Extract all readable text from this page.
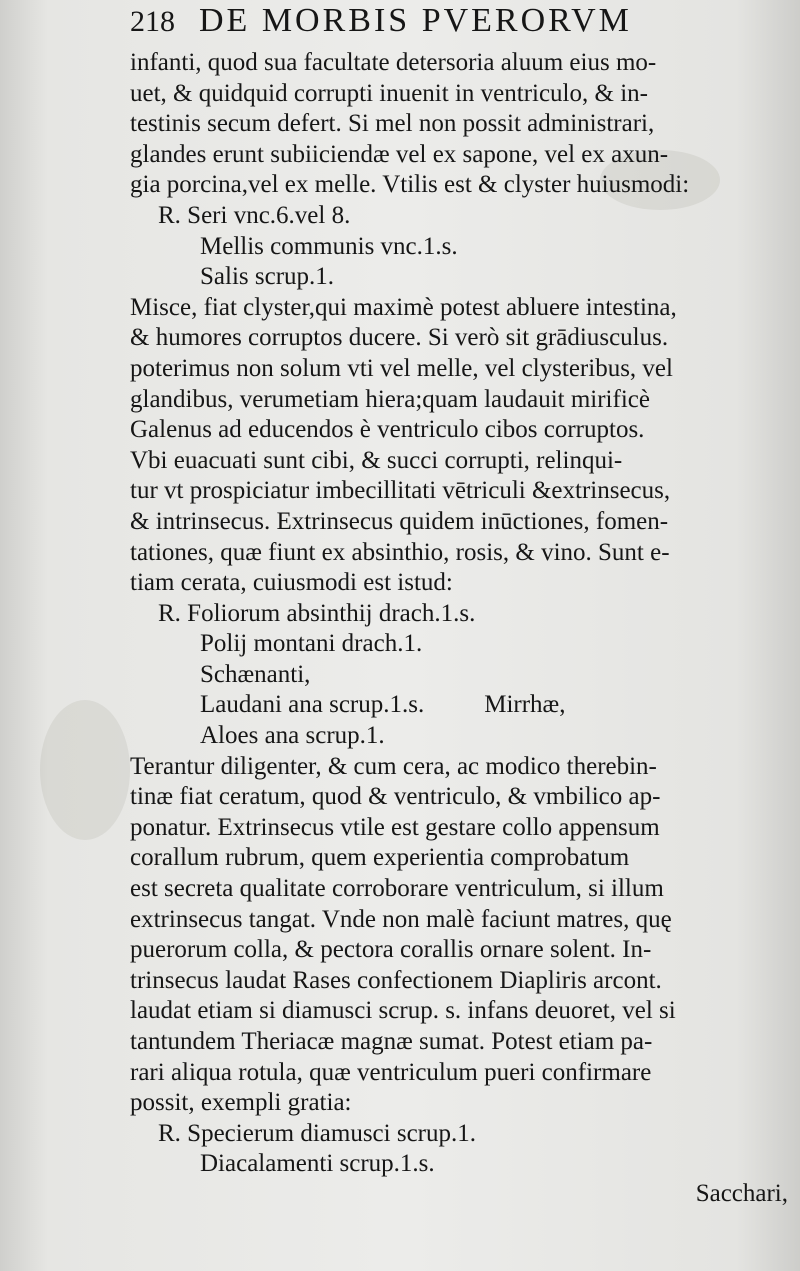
218 DE MORBIS PVERORVM
infanti, quod sua facultate detersoria aluum eius mo-
uet, & quidquid corrupti inuenit in ventriculo, & in-
testinis secum defert. Si mel non possit administrari,
glandes erunt subiiciendæ vel ex sapone, vel ex axun-
gia porcina,vel ex melle. Vtilis est & clyster huiusmodi:
R. Seri vnc.6.vel 8.
Mellis communis vnc.1.s.
Salis scrup.1.
Misce, fiat clyster,qui maximè potest abluere intestina,
& humores corruptos ducere. Si verò sit grādiusculus.
poterimus non solum vti vel melle, vel clysteribus, vel
glandibus, verumetiam hiera;quam laudauit mirificè
Galenus ad educendos è ventriculo cibos corruptos.
Vbi euacuati sunt cibi, & succi corrupti, relinqui-
tur vt prospiciatur imbecillitati vētriculi &extrinsecus,
& intrinsecus. Extrinsecus quidem inūctiones, fomen-
tationes, quæ fiunt ex absinthio, rosis, & vino. Sunt e-
tiam cerata, cuiusmodi est istud:
R. Foliorum absinthij drach.1.s.
Polij montani drach.1.
Schænanti,
Laudani ana scrup.1.s. Mirrhæ,
Aloes ana scrup.1.
Terantur diligenter, & cum cera, ac modico therebin-
tinæ fiat ceratum, quod & ventriculo, & vmbilico ap-
ponatur. Extrinsecus vtile est gestare collo appensum
corallum rubrum, quem experientia comprobatum
est secreta qualitate corroborare ventriculum, si illum
extrinsecus tangat. Vnde non malè faciunt matres, quę
puerorum colla, & pectora corallis ornare solent. In-
trinsecus laudat Rases confectionem Diapliris arcont.
laudat etiam si diamusci scrup. s. infans deuoret, vel si
tantundem Theriacæ magnæ sumat. Potest etiam pa-
rari aliqua rotula, quæ ventriculum pueri confirmare
possit, exempli gratia:
R. Specierum diamusci scrup.1.
Diacalamenti scrup.1.s.
Sacchari,
